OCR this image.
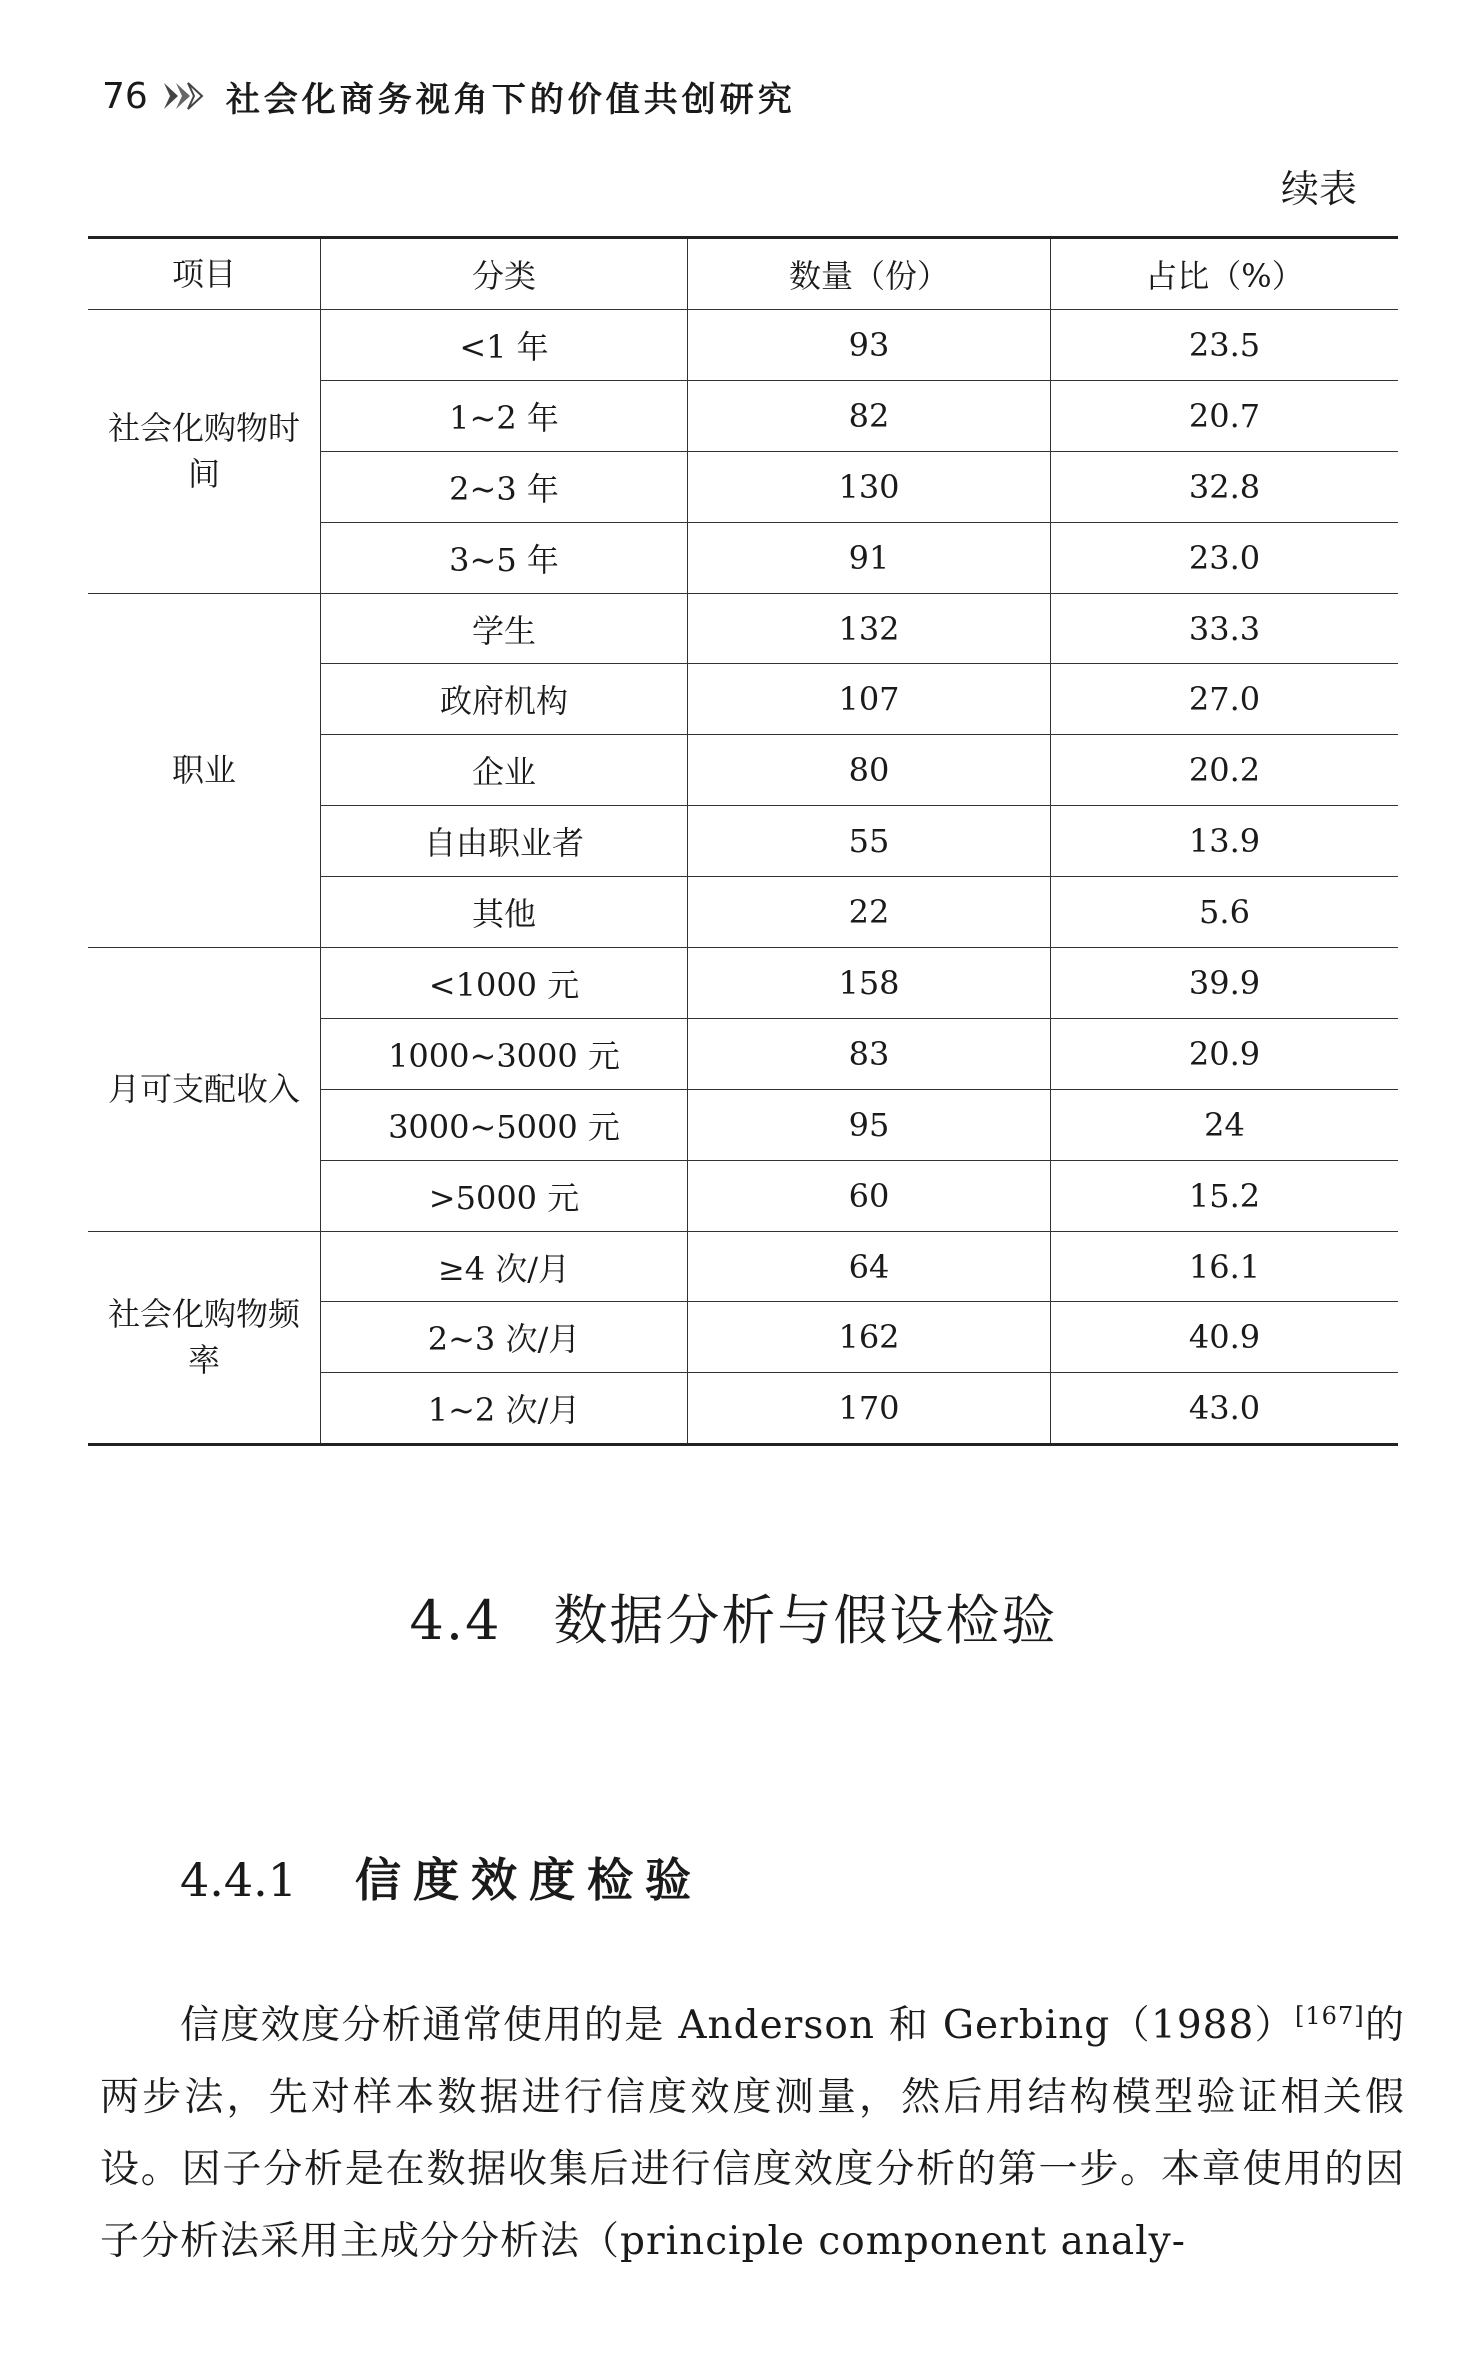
76 社会化商务视角下的价值共创研究
续表
项目	分类	数量（份）	占比（%）
社会化购物时间	<1 年	93	23.5
	1~2 年	82	20.7
	2~3 年	130	32.8
	3~5 年	91	23.0
职业	学生	132	33.3
	政府机构	107	27.0
	企业	80	20.2
	自由职业者	55	13.9
	其他	22	5.6
月可支配收入	<1000 元	158	39.9
	1000~3000 元	83	20.9
	3000~5000 元	95	24
	>5000 元	60	15.2
社会化购物频率	≥4 次/月	64	16.1
	2~3 次/月	162	40.9
	1~2 次/月	170	43.0
4.4 数据分析与假设检验
4.4.1 信度效度检验

信度效度分析通常使用的是 Anderson 和 Gerbing（1988）[167]的两步法，先对样本数据进行信度效度测量，然后用结构模型验证相关假设。因子分析是在数据收集后进行信度效度分析的第一步。本章使用的因子分析法采用主成分分析法（principle component analy-
